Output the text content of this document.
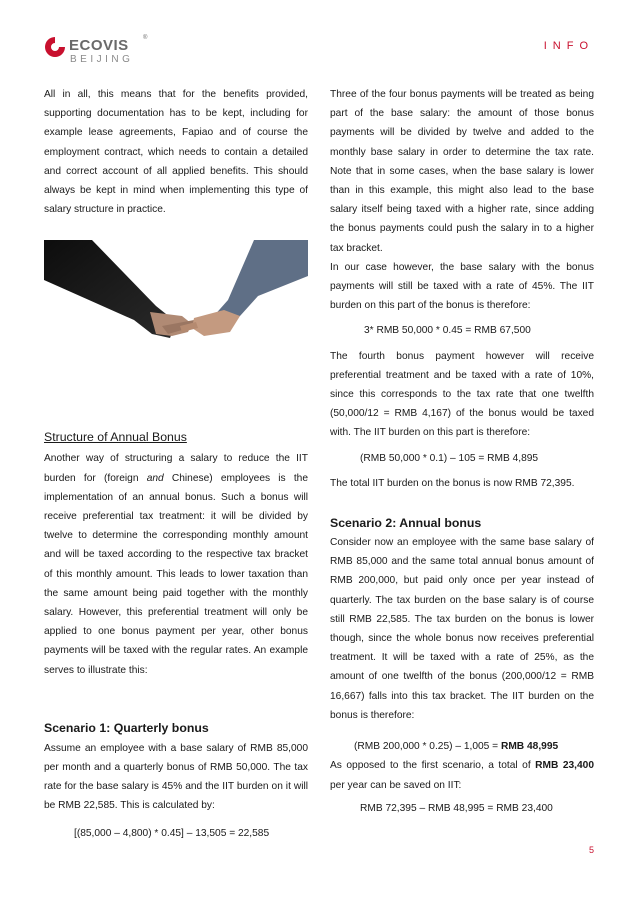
ECOVIS ®
BEIJING
INFO

All in all, this means that for the benefits provided, supporting documentation has to be kept, including for example lease agreements, Fapiao and of course the employment contract, which needs to contain a detailed and correct account of all applied benefits. This should always be kept in mind when implementing this type of salary structure in practice.

Structure of Annual Bonus

Another way of structuring a salary to reduce the IIT burden for (foreign and Chinese) employees is the implementation of an annual bonus. Such a bonus will receive preferential tax treatment: it will be divided by twelve to determine the corresponding monthly amount and will be taxed according to the respective tax bracket of this monthly amount. This leads to lower taxation than the same amount being paid together with the monthly salary. However, this preferential treatment will only be applied to one bonus payment per year, other bonus payments will be taxed with the regular rates. An example serves to illustrate this:

Scenario 1: Quarterly bonus

Assume an employee with a base salary of RMB 85,000 per month and a quarterly bonus of RMB 50,000. The tax rate for the base salary is 45% and the IIT burden on it will be RMB 22,585. This is calculated by:

[(85,000 – 4,800) * 0.45] – 13,505 = 22,585

Three of the four bonus payments will be treated as being part of the base salary: the amount of those bonus payments will be divided by twelve and added to the monthly base salary in order to determine the tax rate. Note that in some cases, when the base salary is lower than in this example, this might also lead to the base salary itself being taxed with a higher rate, since adding the bonus payments could push the salary in to a higher tax bracket.

In our case however, the base salary with the bonus payments will still be taxed with a rate of 45%. The IIT burden on this part of the bonus is therefore:

3* RMB 50,000 * 0.45 = RMB 67,500

The fourth bonus payment however will receive preferential treatment and be taxed with a rate of 10%, since this corresponds to the tax rate that one twelfth (50,000/12 = RMB 4,167) of the bonus would be taxed with. The IIT burden on this part is therefore:

(RMB 50,000 * 0.1) – 105 = RMB 4,895

The total IIT burden on the bonus is now RMB 72,395.

Scenario 2: Annual bonus

Consider now an employee with the same base salary of RMB 85,000 and the same total annual bonus amount of RMB 200,000, but paid only once per year instead of quarterly. The tax burden on the base salary is of course still RMB 22,585. The tax burden on the bonus is lower though, since the whole bonus now receives preferential treatment. It will be taxed with a rate of 25%, as the amount of one twelfth of the bonus (200,000/12 = RMB 16,667) falls into this tax bracket. The IIT burden on the bonus is therefore:

(RMB 200,000 * 0.25) – 1,005 = RMB 48,995

As opposed to the first scenario, a total of RMB 23,400 per year can be saved on IIT:

RMB 72,395 – RMB 48,995 = RMB 23,400

5
